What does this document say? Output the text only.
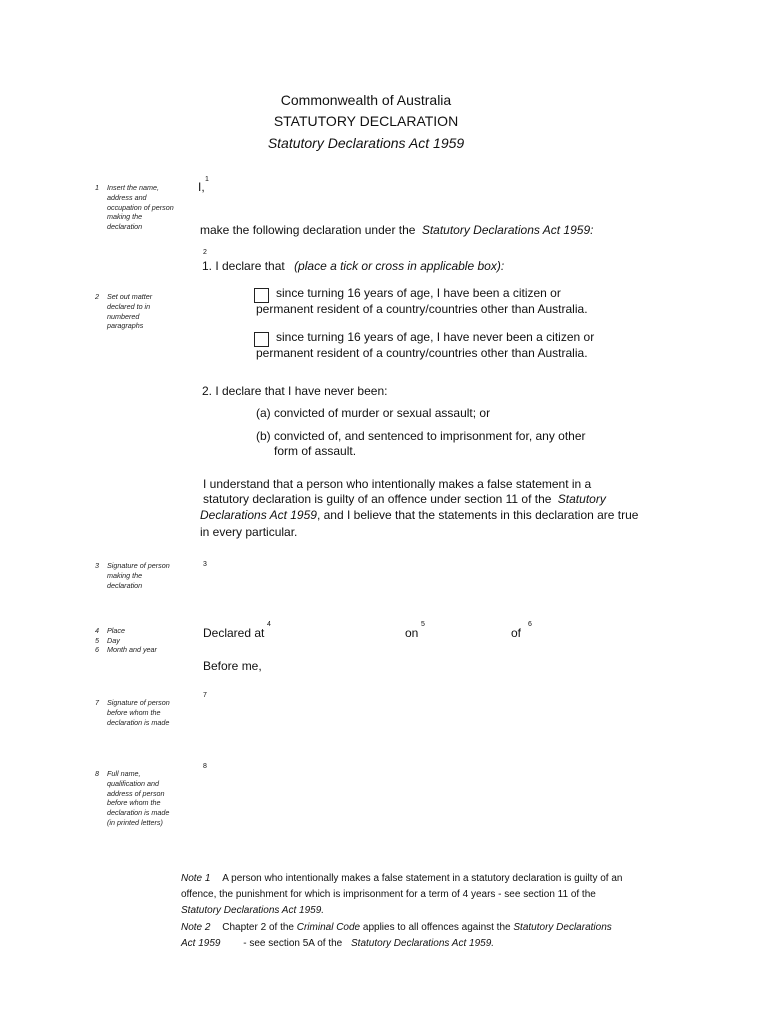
Commonwealth of Australia
STATUTORY DECLARATION
Statutory Declarations Act 1959
1 Insert the name, address and occupation of person making the declaration
2 Set out matter declared to in numbered paragraphs
3 Signature of person making the declaration
4 Place
5 Day
6 Month and year
7 Signature of person before whom the declaration is made
8 Full name, qualification and address of person before whom the declaration is made (in printed letters)
I,
1
make the following declaration under the Statutory Declarations Act 1959:
2
1. I declare that (place a tick or cross in applicable box):
since turning 16 years of age, I have been a citizen or
permanent resident of a country/countries other than Australia.
since turning 16 years of age, I have never been a citizen or
permanent resident of a country/countries other than Australia.
2. I declare that I have never been:
(a) convicted of murder or sexual assault; or
(b) convicted of, and sentenced to imprisonment for, any other
form of assault.
I understand that a person who intentionally makes a false statement in a
statutory declaration is guilty of an offence under section 11 of the Statutory
Declarations Act 1959, and I believe that the statements in this declaration are true
in every particular.
3
Declared at
4
on
5
of
6
Before me,
7
8
Note 1 A person who intentionally makes a false statement in a statutory declaration is guilty of an
offence, the punishment for which is imprisonment for a term of 4 years - see section 11 of the
Statutory Declarations Act 1959.
Note 2 Chapter 2 of the Criminal Code applies to all offences against the Statutory Declarations
Act 1959 - see section 5A of the Statutory Declarations Act 1959.
